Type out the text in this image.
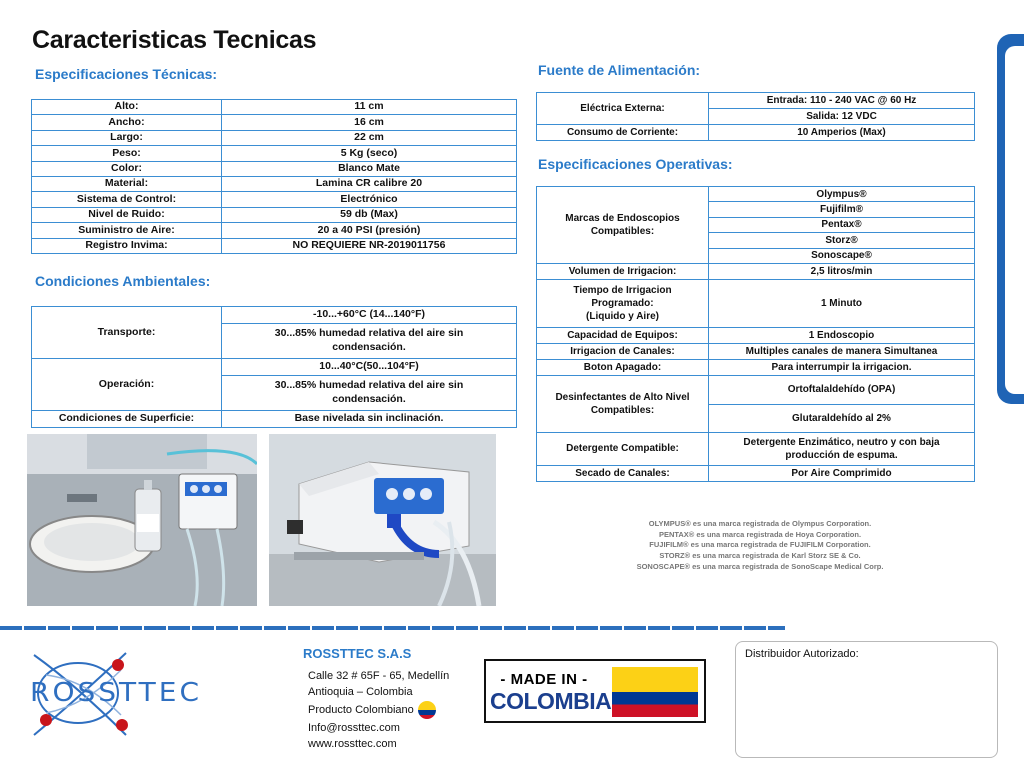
Caracteristicas Tecnicas
Especificaciones Técnicas:
Alto:	11 cm
Ancho:	16 cm
Largo:	22 cm
Peso:	5 Kg (seco)
Color:	Blanco Mate
Material:	Lamina CR calibre 20
Sistema de Control:	Electrónico
Nivel de Ruido:	59 db (Max)
Suministro de Aire:	20 a 40 PSI (presión)
Registro Invima:	NO REQUIERE NR-2019011756
Condiciones Ambientales:
Transporte:	-10...+60°C (14...140°F)
	30...85% humedad relativa del aire sin condensación.
Operación:	10...40°C(50...104°F)
	30...85% humedad relativa del aire sin condensación.
Condiciones de Superficie:	Base nivelada sin inclinación.
Fuente de Alimentación:
Eléctrica Externa:	Entrada: 110 - 240 VAC @ 60 Hz
	Salida: 12 VDC
Consumo de Corriente:	10 Amperios (Max)
Especificaciones Operativas:
Marcas de Endoscopios Compatibles:	Olympus®
	Fujifilm®
	Pentax®
	Storz®
	Sonoscape®
Volumen de Irrigacion:	2,5 litros/min

Tiempo de Irrigacion
Programado:
(Liquido y Aire)	1 Minuto
Capacidad de Equipos:	1 Endoscopio
Irrigacion de Canales:	Multiples canales de manera Simultanea
Boton Apagado:	Para interrumpir la irrigacion.
Desinfectantes de Alto Nivel Compatibles:	Ortoftalaldehído (OPA)
	Glutaraldehído al 2%
Detergente Compatible:	Detergente Enzimático, neutro y con baja producción de espuma.
Secado de Canales:	Por Aire Comprimido
OLYMPUS® es una marca registrada de Olympus Corporation.
PENTAX® es una marca registrada de Hoya Corporation.
FUJIFILM® es una marca registrada de FUJIFILM Corporation.
STORZ® es una marca registrada de Karl Storz SE & Co.
SONOSCAPE® es una marca registrada de SonoScape Medical Corp.
ROSSTTEC
ROSSTTEC S.A.S
Calle 32 # 65F - 65, Medellín
Antioquia – Colombia
Producto Colombiano
Info@rossttec.com
www.rossttec.com
- MADE IN -
COLOMBIA
Distribuidor Autorizado:
